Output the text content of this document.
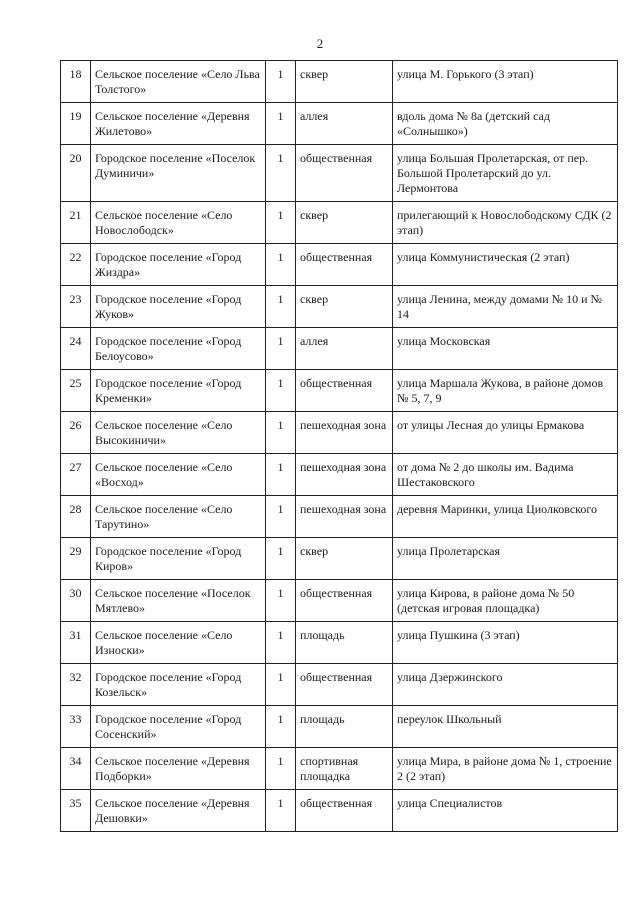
2
18	Сельское поселение «Село Льва Толстого»	1	сквер	улица М. Горького (3 этап)
19	Сельское поселение «Деревня Жилетово»	1	аллея	вдоль дома № 8а (детский сад «Солнышко»)
20	Городское поселение «Поселок Думиничи»	1	общественная	улица Большая Пролетарская, от пер. Большой Пролетарский до ул. Лермонтова
21	Сельское поселение «Село Новослободск»	1	сквер	прилегающий к Новослободскому СДК (2 этап)
22	Городское поселение «Город Жиздра»	1	общественная	улица Коммунистическая (2 этап)
23	Городское поселение «Город Жуков»	1	сквер	улица Ленина, между домами № 10 и № 14
24	Городское поселение «Город Белоусово»	1	аллея	улица Московская
25	Городское поселение «Город Кременки»	1	общественная	улица Маршала Жукова, в районе домов № 5, 7, 9
26	Сельское поселение «Село Высокиничи»	1	пешеходная зона	от улицы Лесная до улицы Ермакова
27	Сельское поселение «Село «Восход»	1	пешеходная зона	от дома № 2 до школы им. Вадима Шестаковского
28	Сельское поселение «Село Тарутино»	1	пешеходная зона	деревня Маринки, улица Циолковского
29	Городское поселение «Город Киров»	1	сквер	улица Пролетарская
30	Сельское поселение «Поселок Мятлево»	1	общественная	улица Кирова, в районе дома № 50 (детская игровая площадка)
31	Сельское поселение «Село Износки»	1	площадь	улица Пушкина (3 этап)
32	Городское поселение «Город Козельск»	1	общественная	улица Дзержинского
33	Городское поселение «Город Сосенский»	1	площадь	переулок Школьный
34	Сельское поселение «Деревня Подборки»	1	спортивная площадка	улица Мира, в районе дома № 1, строение 2 (2 этап)
35	Сельское поселение «Деревня Дешовки»	1	общественная	улица Специалистов
